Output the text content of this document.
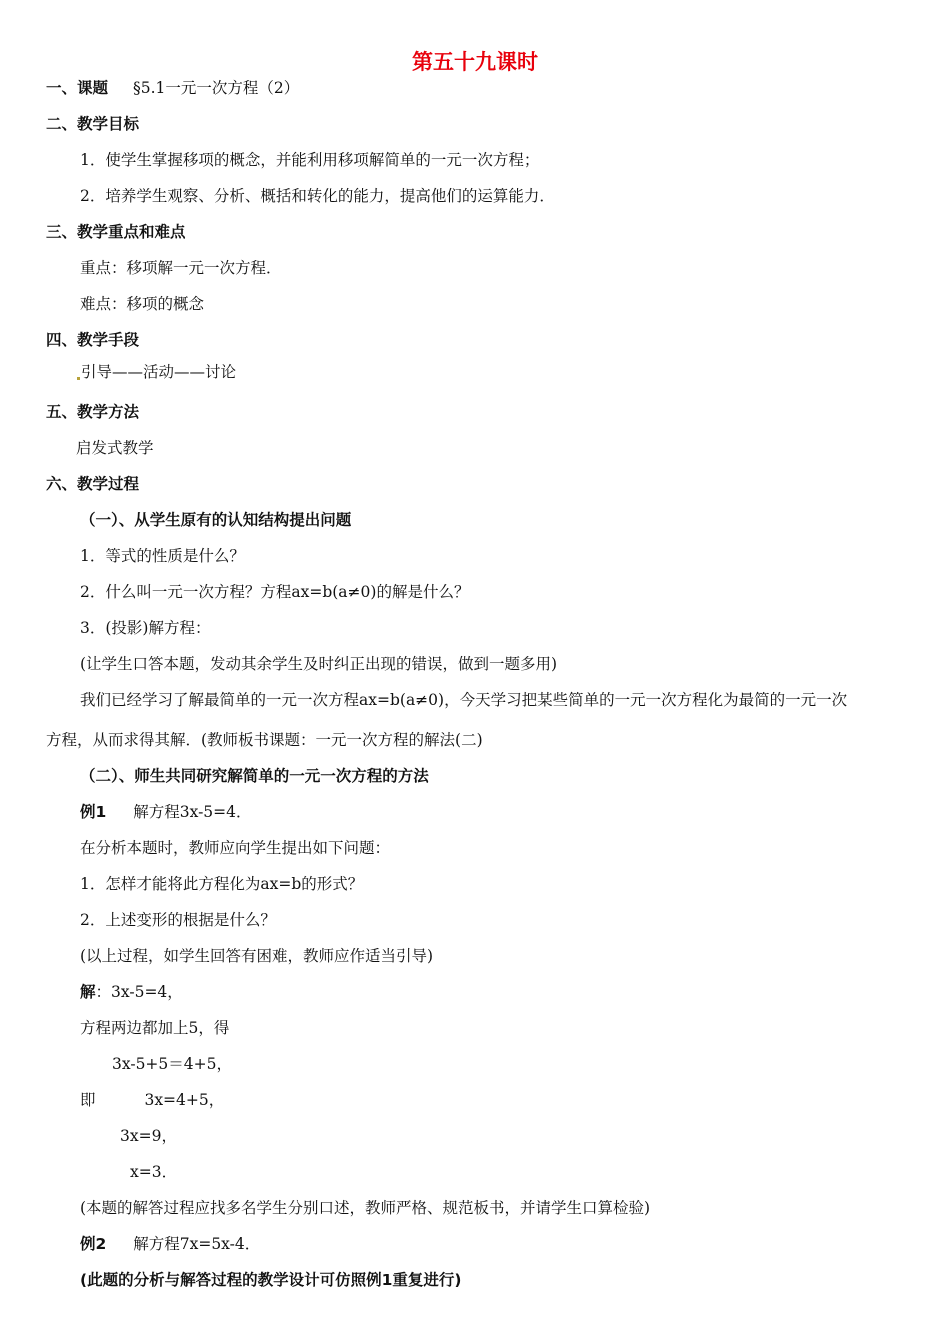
第五十九课时
一、课题 §5.1一元一次方程（2）
二、教学目标
1．使学生掌握移项的概念，并能利用移项解简单的一元一次方程；
2．培养学生观察、分析、概括和转化的能力，提高他们的运算能力．
三、教学重点和难点
重点：移项解一元一次方程．
难点：移项的概念
四、教学手段
引导——活动——讨论
五、教学方法
启发式教学
六、教学过程
（一）、从学生原有的认知结构提出问题
1．等式的性质是什么？
2．什么叫一元一次方程？方程ax=b(a≠0)的解是什么？
3．(投影)解方程：
(让学生口答本题，发动其余学生及时纠正出现的错误，做到一题多用)
我们已经学习了解最简单的一元一次方程ax=b(a≠0)，今天学习把某些简单的一元一次方程化为最简的一元一次
方程，从而求得其解．(教师板书课题：一元一次方程的解法(二)
（二）、师生共同研究解简单的一元一次方程的方法
例1 解方程3x-5=4．
在分析本题时，教师应向学生提出如下问题：
1．怎样才能将此方程化为ax=b的形式？
2．上述变形的根据是什么？
(以上过程，如学生回答有困难，教师应作适当引导)
解：3x-5=4，
方程两边都加上5，得
3x-5+5＝4+5，
即	3x=4+5，
3x=9，
x=3．
(本题的解答过程应找多名学生分别口述，教师严格、规范板书，并请学生口算检验)
例2 解方程7x=5x-4．
(此题的分析与解答过程的教学设计可仿照例1重复进行)
